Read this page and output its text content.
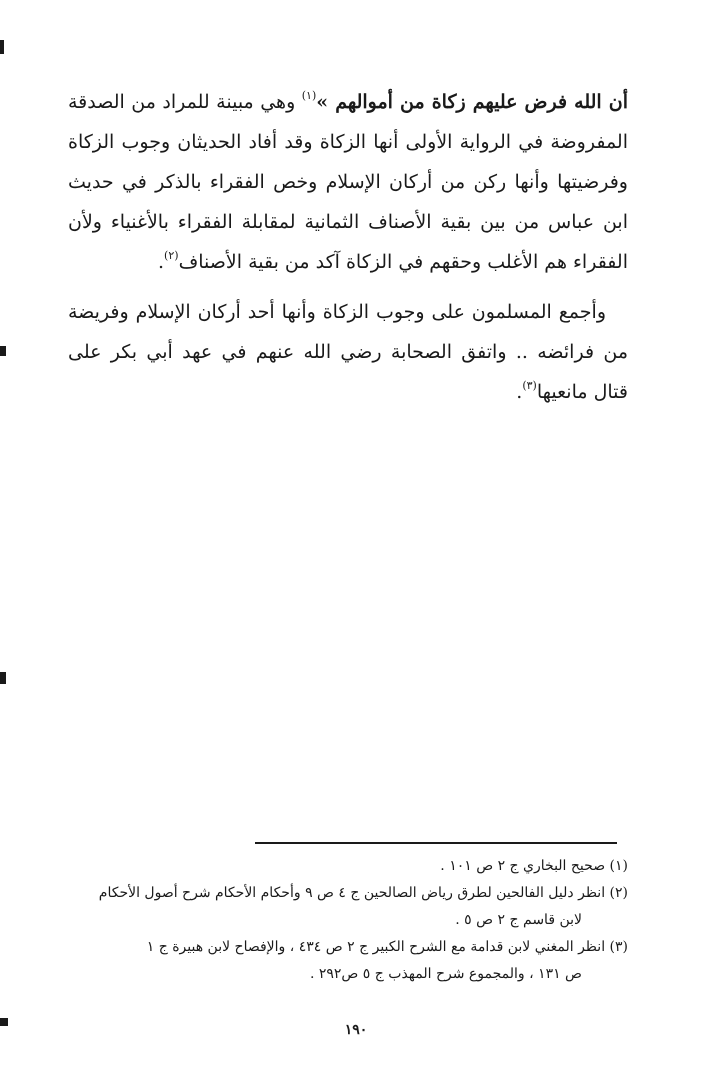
أن الله فرض عليهم زكاة من أموالهم »$^{(١)}$ وهي مبينة للمراد من الصدقة المفروضة في الرواية الأولى أنها الزكاة وقد أفاد الحديثان وجوب الزكاة وفرضيتها وأنها ركن من أركان الإسلام وخص الفقراء بالذكر في حديث ابن عباس من بين بقية الأصناف الثمانية لمقابلة الفقراء بالأغنياء ولأن الفقراء هم الأغلب وحقهم في الزكاة آكد من بقية الأصناف$^{(٢)}$.

وأجمع المسلمون على وجوب الزكاة وأنها أحد أركان الإسلام وفريضة من فرائضه .. واتفق الصحابة رضي الله عنهم في عهد أبي بكر على قتال مانعيها$^{(٣)}$.

(١) صحيح البخاري ج ٢ ص ١٠١ .

(٢) انظر دليل الفالحين لطرق رياض الصالحين ج ٤ ص ٩ وأحكام الأحكام شرح أصول الأحكام

لابن قاسم ج ٢ ص ٥ .

(٣) انظر المغني لابن قدامة مع الشرح الكبير ج ٢ ص ٤٣٤ ، والإفصاح لابن هبيرة ج ١

ص ١٣١ ، والمجموع شرح المهذب ج ٥ ص٢٩٢ .

١٩٠
